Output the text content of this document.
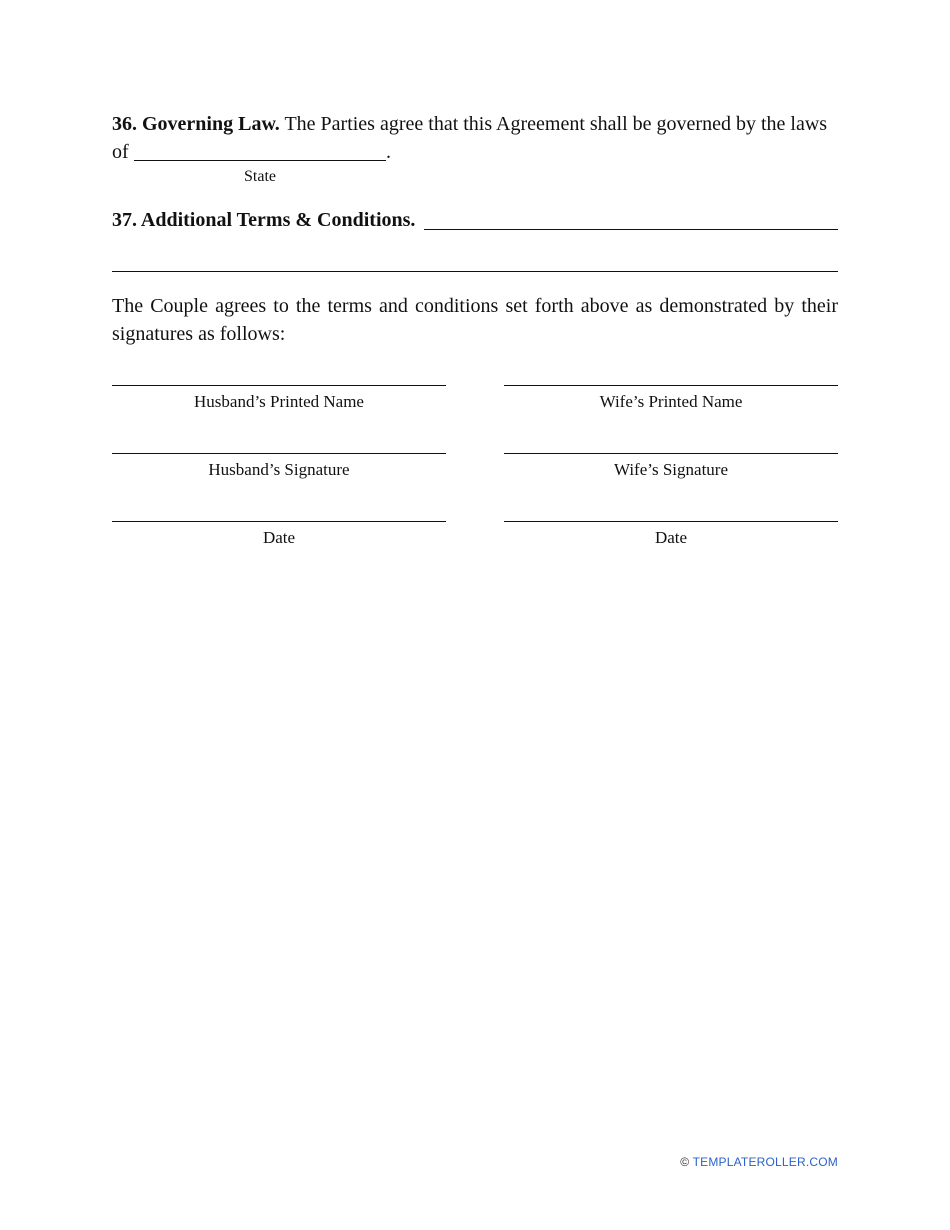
36. Governing Law. The Parties agree that this Agreement shall be governed by the laws
of	.
State
37. Additional Terms & Conditions.
The Couple agrees to the terms and conditions set forth above as demonstrated by their signatures as follows:
Husband’s Printed Name	Wife’s Printed Name
Husband’s Signature	Wife’s Signature
Date	Date
© TEMPLATEROLLER.COM
